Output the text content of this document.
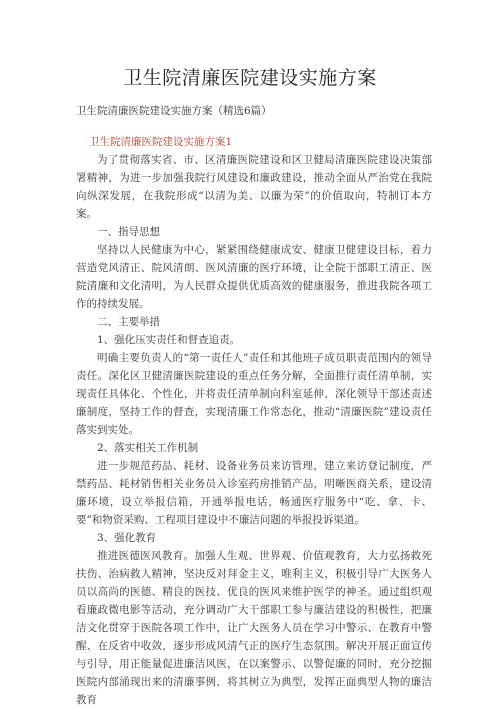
卫生院清廉医院建设实施方案
卫生院清廉医院建设实施方案（精选6篇）
卫生院清廉医院建设实施方案1

为了贯彻落实省、市、区清廉医院建设和区卫健局清廉医院建设决策部署精神，为进一步加强我院行风建设和廉政建设，推动全面从严治党在我院向纵深发展，在我院形成“以清为美、以廉为荣”的价值取向，特制订本方案。

一、指导思想

坚持以人民健康为中心，紧紧围绕健康成安、健康卫健建设目标，着力营造党风清正、院风清朗、医风清廉的医疗环境，让全院干部职工清正、医院清廉和文化清明，为人民群众提供优质高效的健康服务，推进我院各项工作的持续发展。

二、主要举措

1、强化压实责任和督查追责。

明确主要负责人的“第一责任人”责任和其他班子成员职责范围内的领导责任。深化区卫健清廉医院建设的重点任务分解，全面推行责任清单制，实现责任具体化、个性化，并将责任清单制向科室延伸，深化领导干部述责述廉制度，坚持工作的督查，实现清廉工作常态化，推动“清廉医院”建设责任落实到实处。

2、落实相关工作机制

进一步规范药品、耗材、设备业务员来访管理，建立来访登记制度，严禁药品、耗材销售相关业务员入诊室药房推销产品，明晰医商关系，建设清廉环境，设立举报信箱，开通举报电话，畅通医疗服务中“吃、拿、卡、要”和物资采购、工程项目建设中不廉洁问题的举报投诉渠道。

3、强化教育

推进医德医风教育。加强人生观、世界观、价值观教育，大力弘扬救死扶伤、治病救人精神，坚决反对拜金主义，唯利主义，积极引导广大医务人员以高尚的医德、精良的医技、优良的医风来维护医学的神圣。通过组织观看廉政微电影等活动，充分调动广大干部职工参与廉洁建设的积极性，把廉洁文化贯穿于医院各项工作中，让广大医务人员在学习中警示、在教育中警醒、在反省中收敛，逐步形成风清气正的医疗生态氛围。解决开展正面宣传与引导，用正能量促进廉洁风医，在以案警示、以警促廉的同时，充分挖掘医院内部涌现出来的清廉事例，将其树立为典型，发挥正面典型人物的廉洁教育
